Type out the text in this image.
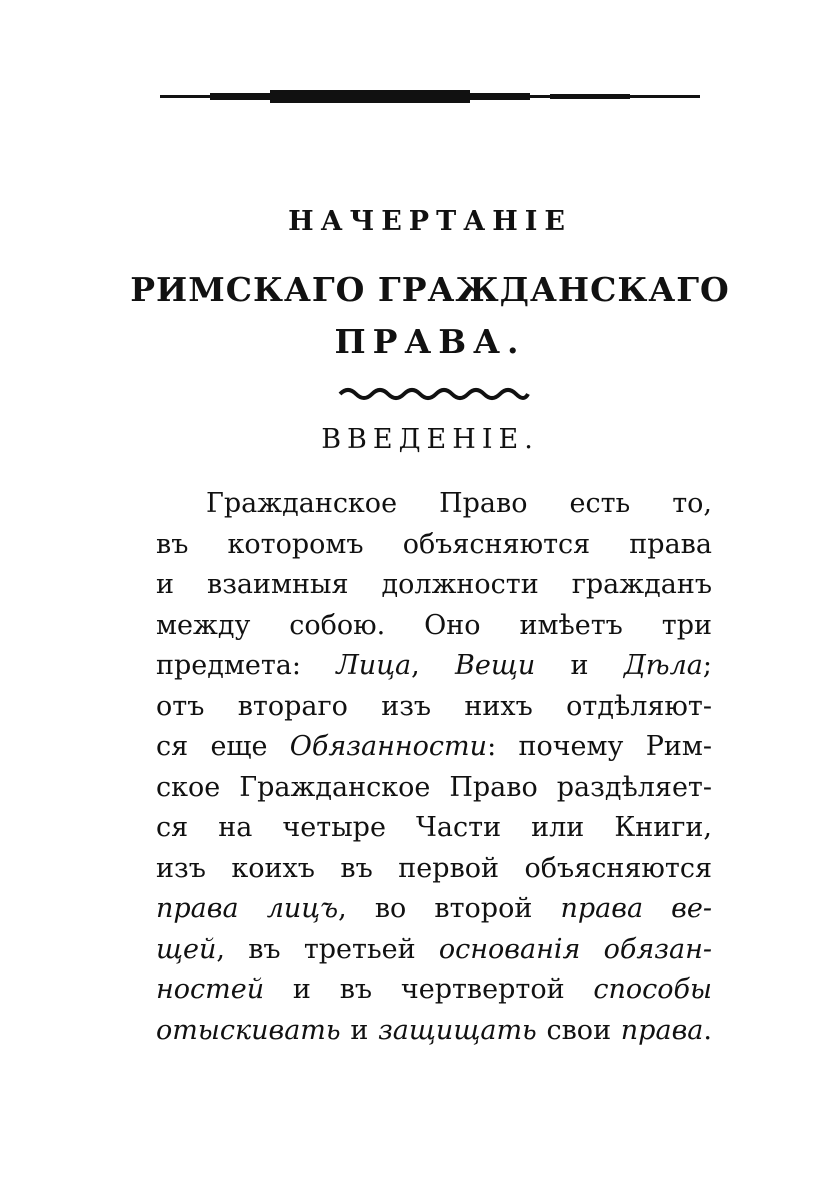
НАЧЕРТАНІЕ
РИМСКАГО ГРАЖДАНСКАГО
ПРАВА.
ВВЕДЕНІЕ.
Гражданское Право есть то,
въ которомъ объясняются права
и взаимныя должности гражданъ
между собою. Оно имѣетъ три
предмета: Лица, Вещи и Дѣла;
отъ втораго изъ нихъ отдѣляют-
ся еще Обязанности: почему Рим-
ское Гражданское Право раздѣляет-
ся на четыре Части или Книги,
изъ коихъ въ первой объясняются
права лицъ, во второй права ве-
щей, въ третьей основанія обязан-
ностей и въ чертвертой способы
отыскивать и защищать свои права.
